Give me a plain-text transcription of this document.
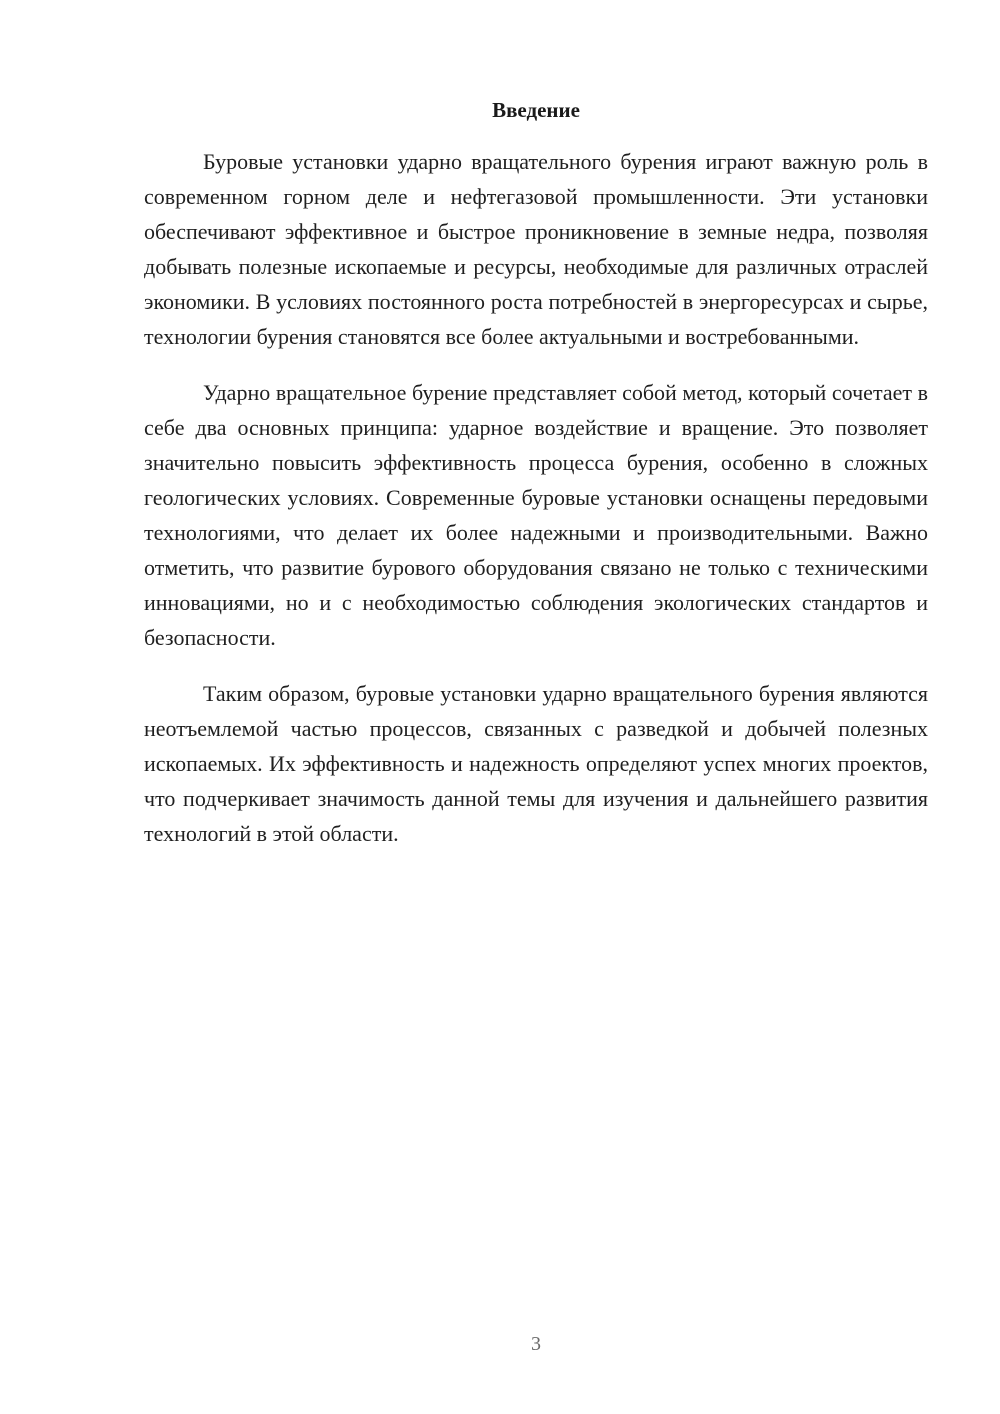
Введение

Буровые установки ударно вращательного бурения играют важную роль в современном горном деле и нефтегазовой промышленности. Эти установки обеспечивают эффективное и быстрое проникновение в земные недра, позволяя добывать полезные ископаемые и ресурсы, необходимые для различных отраслей экономики. В условиях постоянного роста потребностей в энергоресурсах и сырье, технологии бурения становятся все более актуальными и востребованными.

Ударно вращательное бурение представляет собой метод, который сочетает в себе два основных принципа: ударное воздействие и вращение. Это позволяет значительно повысить эффективность процесса бурения, особенно в сложных геологических условиях. Современные буровые установки оснащены передовыми технологиями, что делает их более надежными и производительными. Важно отметить, что развитие бурового оборудования связано не только с техническими инновациями, но и с необходимостью соблюдения экологических стандартов и безопасности.

Таким образом, буровые установки ударно вращательного бурения являются неотъемлемой частью процессов, связанных с разведкой и добычей полезных ископаемых. Их эффективность и надежность определяют успех многих проектов, что подчеркивает значимость данной темы для изучения и дальнейшего развития технологий в этой области.

3
